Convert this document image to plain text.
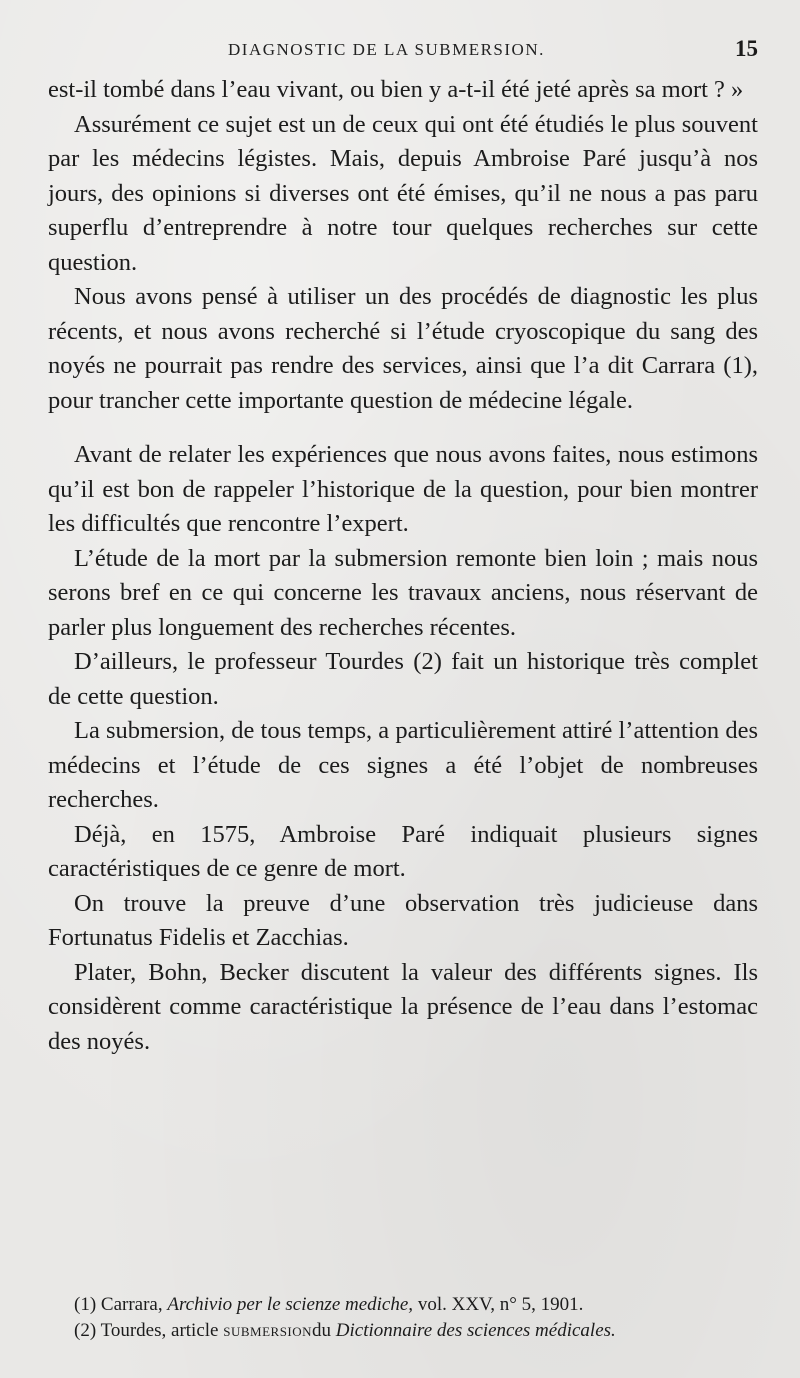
DIAGNOSTIC DE LA SUBMERSION.	15

est-il tombé dans l’eau vivant, ou bien y a-t-il été jeté après sa mort ? »

Assurément ce sujet est un de ceux qui ont été étudiés le plus souvent par les médecins légistes. Mais, depuis Ambroise Paré jusqu’à nos jours, des opinions si diverses ont été émises, qu’il ne nous a pas paru superflu d’entreprendre à notre tour quelques recherches sur cette question.

Nous avons pensé à utiliser un des procédés de diagnostic les plus récents, et nous avons recherché si l’étude cryoscopique du sang des noyés ne pourrait pas rendre des services, ainsi que l’a dit Carrara (1), pour trancher cette importante question de médecine légale.

Avant de relater les expériences que nous avons faites, nous estimons qu’il est bon de rappeler l’historique de la question, pour bien montrer les difficultés que rencontre l’expert.

L’étude de la mort par la submersion remonte bien loin ; mais nous serons bref en ce qui concerne les travaux anciens, nous réservant de parler plus longuement des recherches récentes.

D’ailleurs, le professeur Tourdes (2) fait un historique très complet de cette question.

La submersion, de tous temps, a particulièrement attiré l’attention des médecins et l’étude de ces signes a été l’objet de nombreuses recherches.

Déjà, en 1575, Ambroise Paré indiquait plusieurs signes caractéristiques de ce genre de mort.

On trouve la preuve d’une observation très judicieuse dans Fortunatus Fidelis et Zacchias.

Plater, Bohn, Becker discutent la valeur des différents signes. Ils considèrent comme caractéristique la présence de l’eau dans l’estomac des noyés.

(1) Carrara, Archivio per le scienze mediche, vol. XXV, n° 5, 1901.

(2) Tourdes, article submersiondu Dictionnaire des sciences médicales.
